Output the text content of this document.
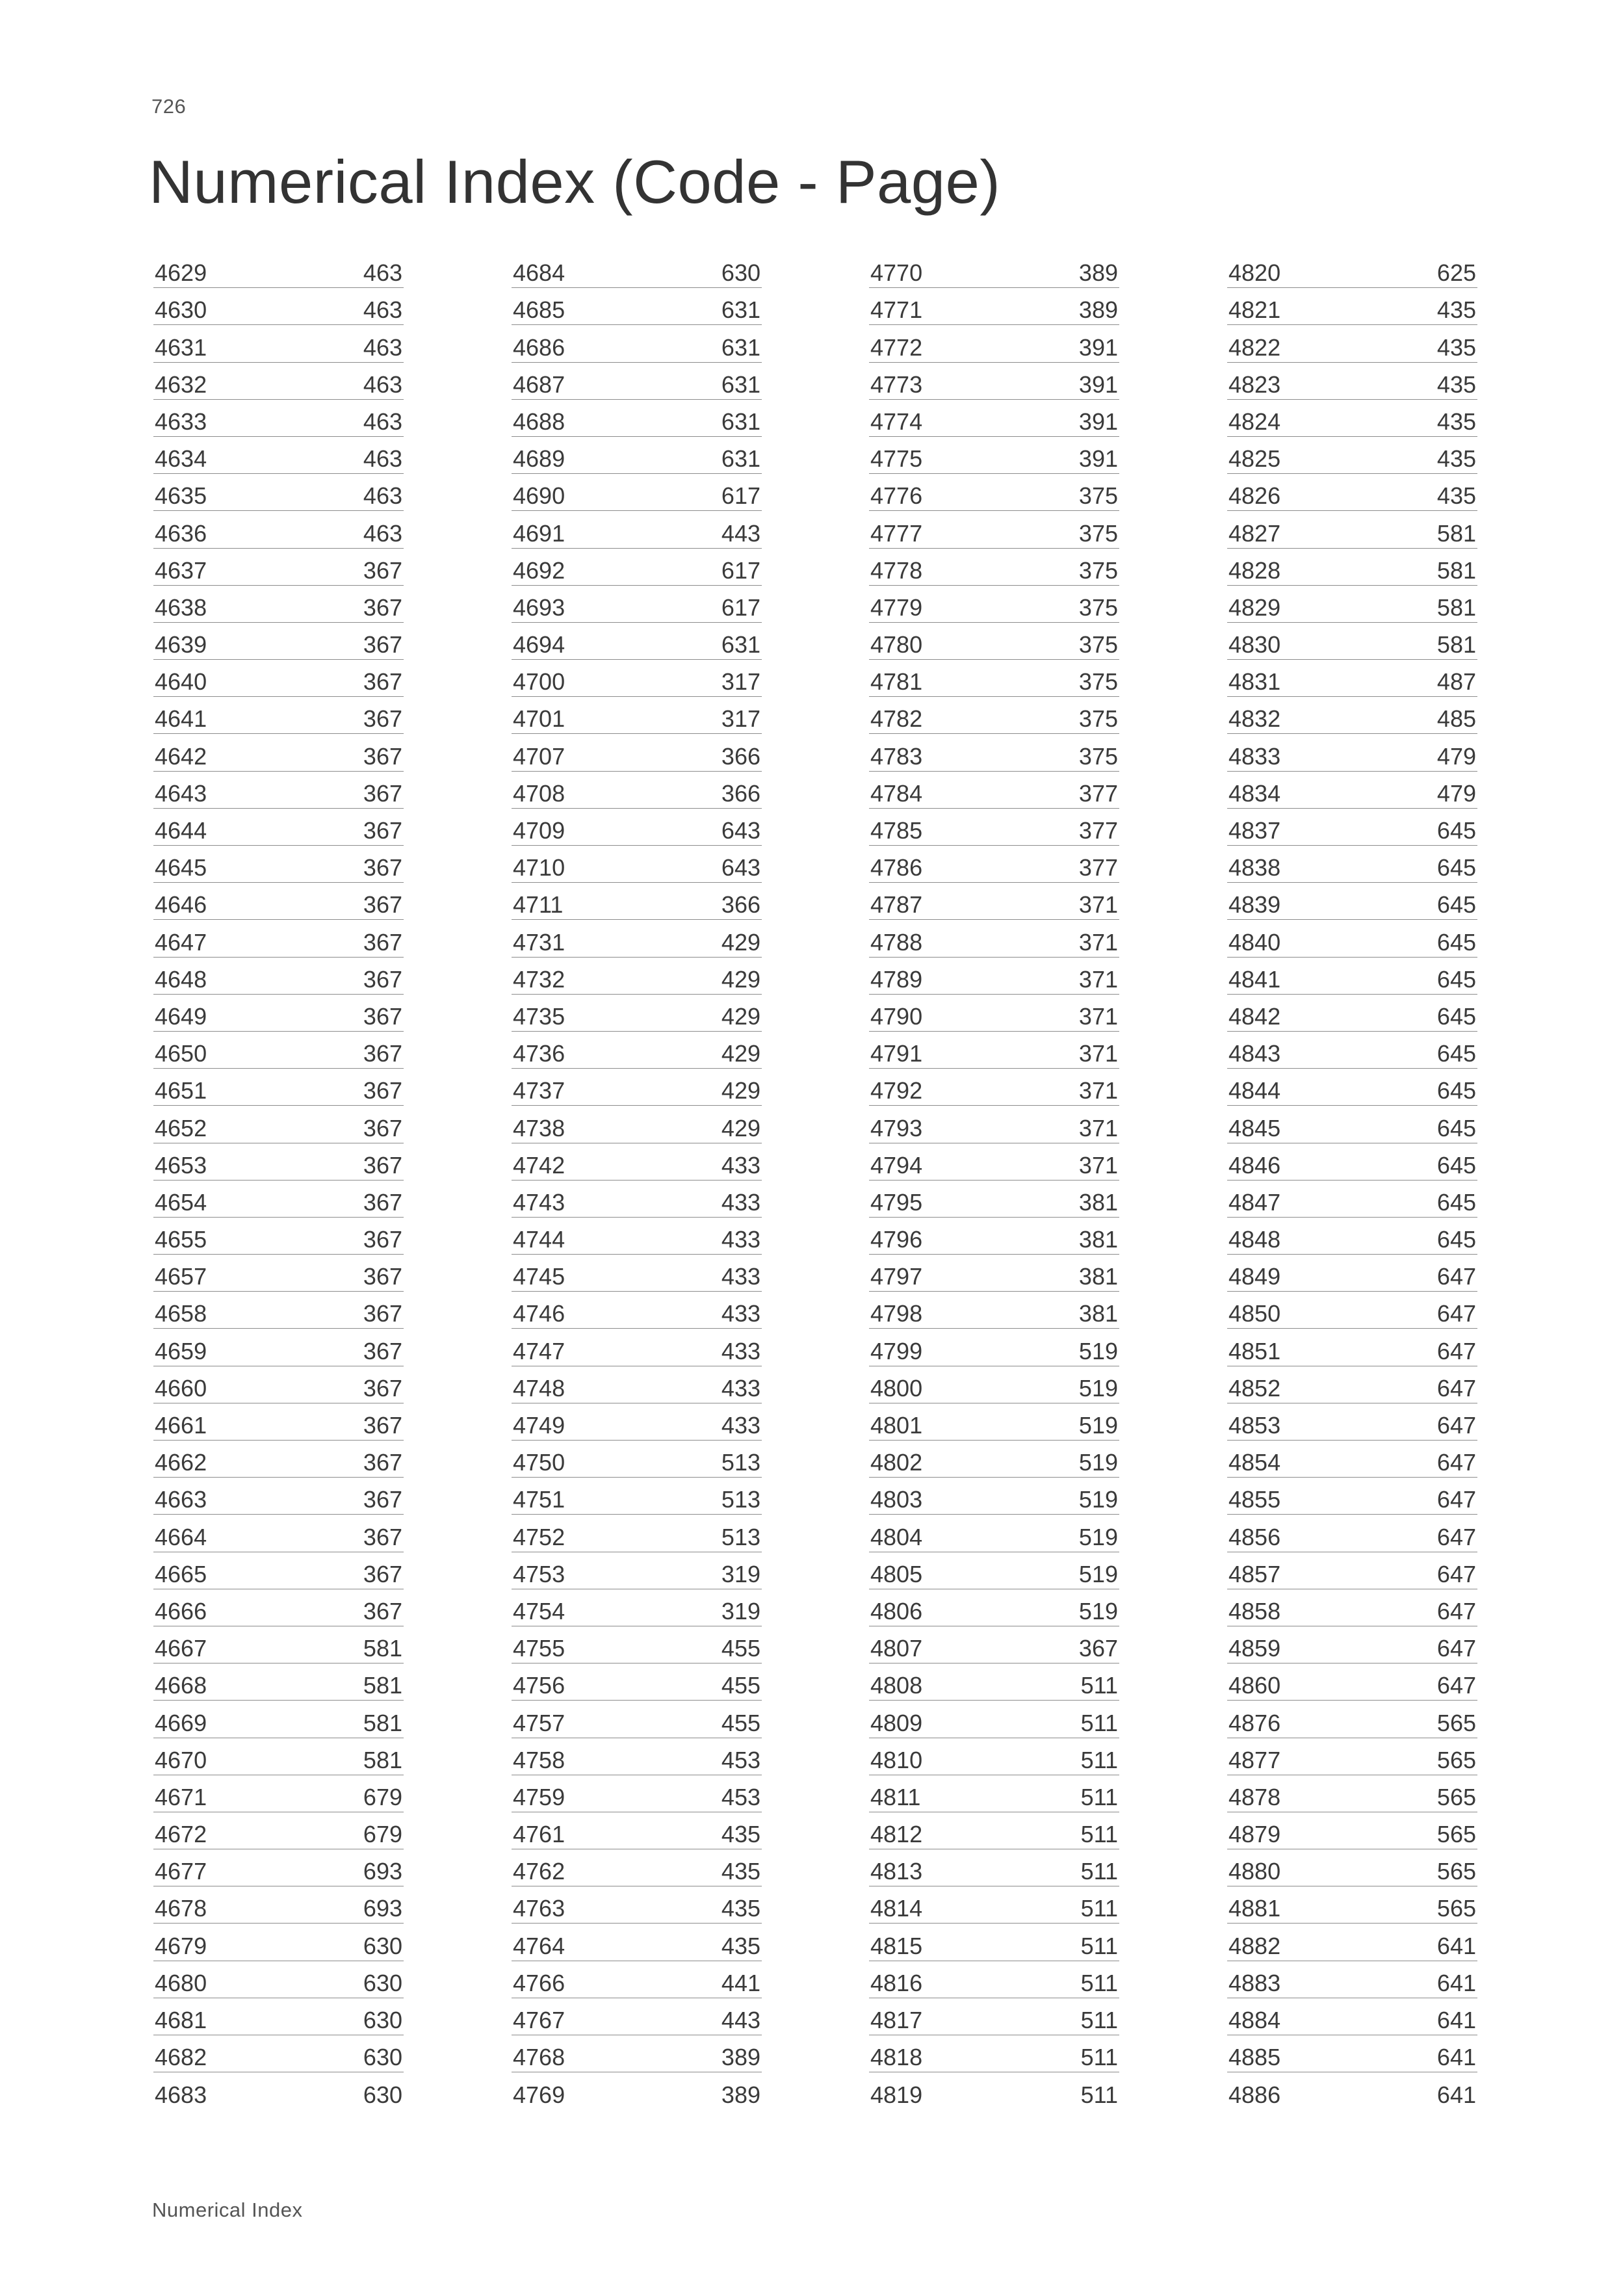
726
Numerical Index (Code - Page)
4629	463
4630	463
4631	463
4632	463
4633	463
4634	463
4635	463
4636	463
4637	367
4638	367
4639	367
4640	367
4641	367
4642	367
4643	367
4644	367
4645	367
4646	367
4647	367
4648	367
4649	367
4650	367
4651	367
4652	367
4653	367
4654	367
4655	367
4657	367
4658	367
4659	367
4660	367
4661	367
4662	367
4663	367
4664	367
4665	367
4666	367
4667	581
4668	581
4669	581
4670	581
4671	679
4672	679
4677	693
4678	693
4679	630
4680	630
4681	630
4682	630
4683	630
4684	630
4685	631
4686	631
4687	631
4688	631
4689	631
4690	617
4691	443
4692	617
4693	617
4694	631
4700	317
4701	317
4707	366
4708	366
4709	643
4710	643
4711	366
4731	429
4732	429
4735	429
4736	429
4737	429
4738	429
4742	433
4743	433
4744	433
4745	433
4746	433
4747	433
4748	433
4749	433
4750	513
4751	513
4752	513
4753	319
4754	319
4755	455
4756	455
4757	455
4758	453
4759	453
4761	435
4762	435
4763	435
4764	435
4766	441
4767	443
4768	389
4769	389
4770	389
4771	389
4772	391
4773	391
4774	391
4775	391
4776	375
4777	375
4778	375
4779	375
4780	375
4781	375
4782	375
4783	375
4784	377
4785	377
4786	377
4787	371
4788	371
4789	371
4790	371
4791	371
4792	371
4793	371
4794	371
4795	381
4796	381
4797	381
4798	381
4799	519
4800	519
4801	519
4802	519
4803	519
4804	519
4805	519
4806	519
4807	367
4808	511
4809	511
4810	511
4811	511
4812	511
4813	511
4814	511
4815	511
4816	511
4817	511
4818	511
4819	511
4820	625
4821	435
4822	435
4823	435
4824	435
4825	435
4826	435
4827	581
4828	581
4829	581
4830	581
4831	487
4832	485
4833	479
4834	479
4837	645
4838	645
4839	645
4840	645
4841	645
4842	645
4843	645
4844	645
4845	645
4846	645
4847	645
4848	645
4849	647
4850	647
4851	647
4852	647
4853	647
4854	647
4855	647
4856	647
4857	647
4858	647
4859	647
4860	647
4876	565
4877	565
4878	565
4879	565
4880	565
4881	565
4882	641
4883	641
4884	641
4885	641
4886	641
Numerical Index
